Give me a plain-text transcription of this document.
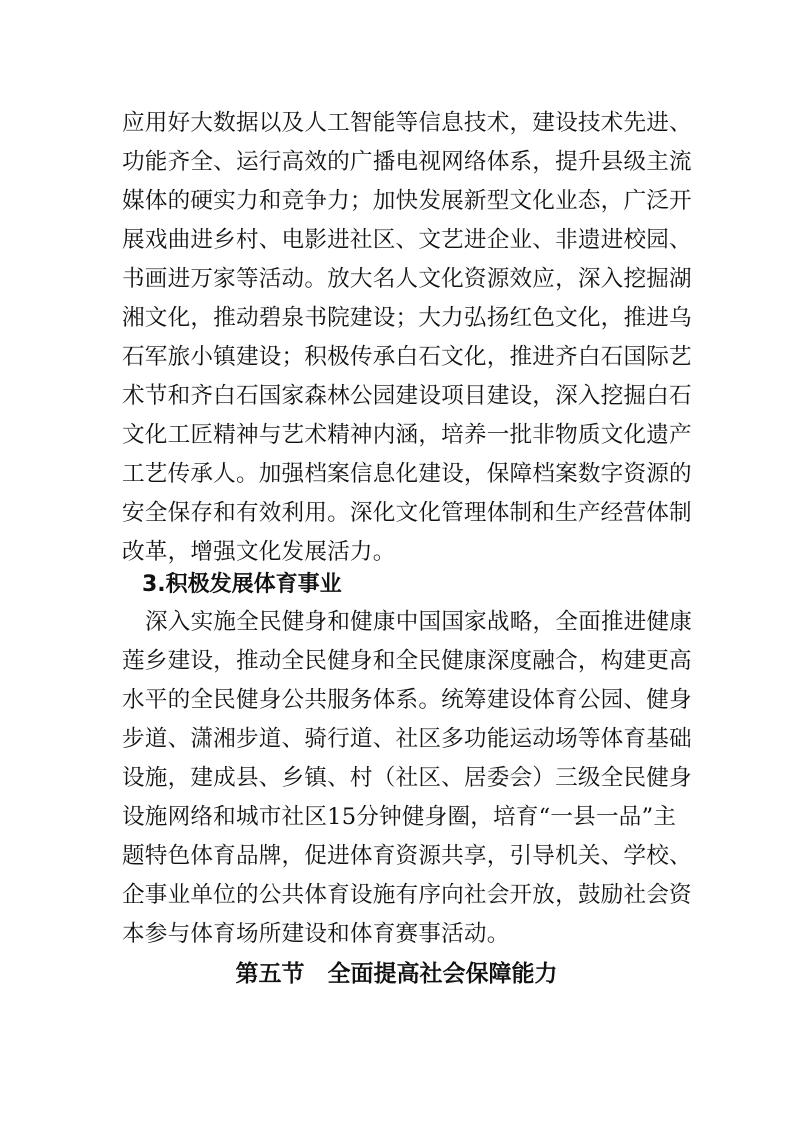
应用好大数据以及人工智能等信息技术，建设技术先进、
功能齐全、运行高效的广播电视网络体系，提升县级主流
媒体的硬实力和竞争力；加快发展新型文化业态，广泛开
展戏曲进乡村、电影进社区、文艺进企业、非遗进校园、
书画进万家等活动。放大名人文化资源效应，深入挖掘湖
湘文化，推动碧泉书院建设；大力弘扬红色文化，推进乌
石军旅小镇建设；积极传承白石文化，推进齐白石国际艺
术节和齐白石国家森林公园建设项目建设，深入挖掘白石
文化工匠精神与艺术精神内涵，培养一批非物质文化遗产
工艺传承人。加强档案信息化建设，保障档案数字资源的
安全保存和有效利用。深化文化管理体制和生产经营体制
改革，增强文化发展活力。
3.积极发展体育事业
深入实施全民健身和健康中国国家战略，全面推进健康
莲乡建设，推动全民健身和全民健康深度融合，构建更高
水平的全民健身公共服务体系。统筹建设体育公园、健身
步道、潇湘步道、骑行道、社区多功能运动场等体育基础
设施，建成县、乡镇、村（社区、居委会）三级全民健身
设施网络和城市社区15分钟健身圈，培育“一县一品”主
题特色体育品牌，促进体育资源共享，引导机关、学校、
企事业单位的公共体育设施有序向社会开放，鼓励社会资
本参与体育场所建设和体育赛事活动。
第五节　全面提高社会保障能力
